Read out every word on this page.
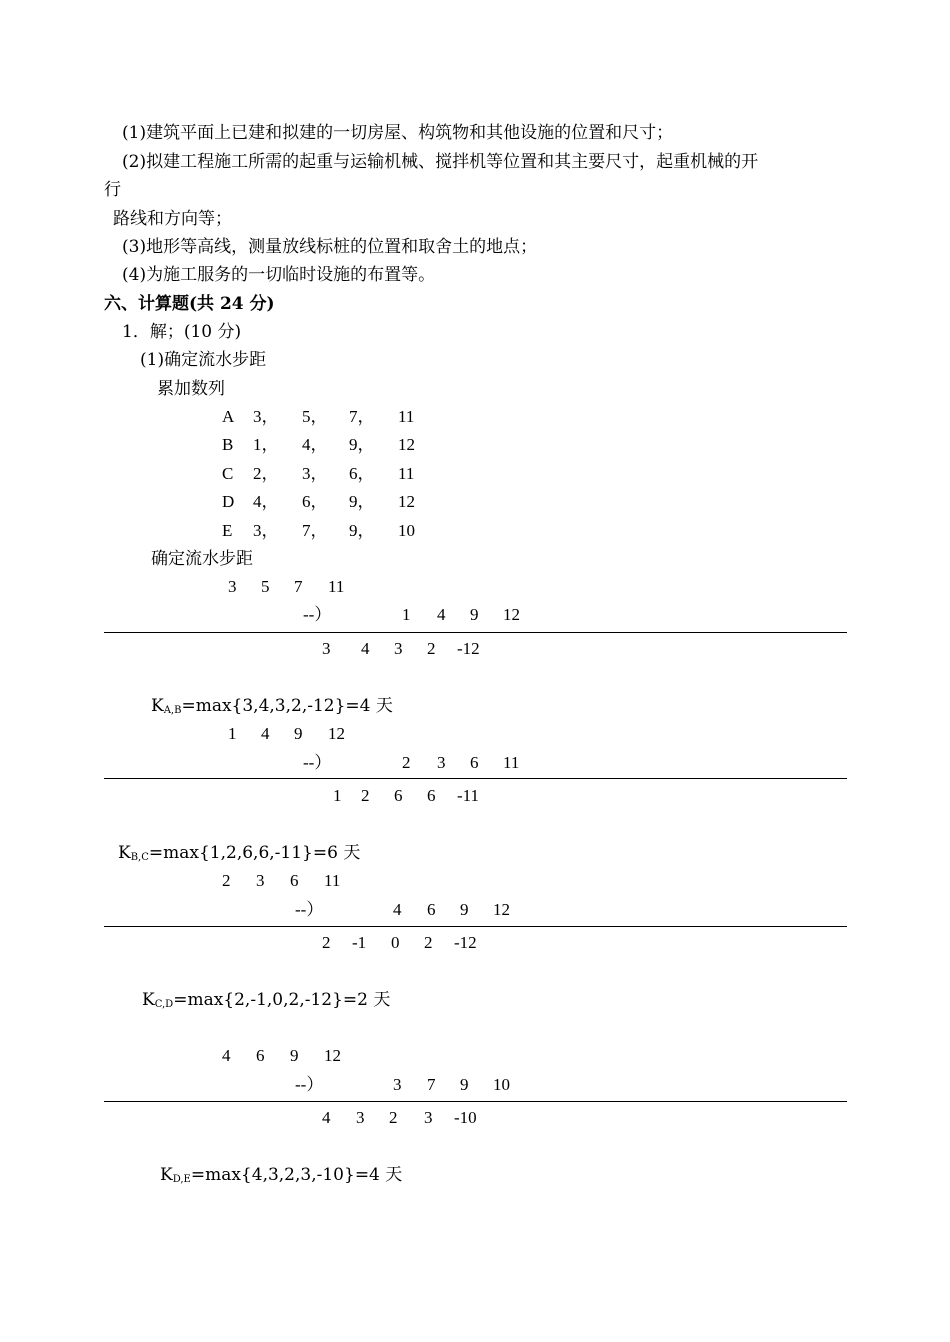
(1)建筑平面上已建和拟建的一切房屋、构筑物和其他设施的位置和尺寸；
(2)拟建工程施工所需的起重与运输机械、搅拌机等位置和其主要尺寸，起重机械的开
行
路线和方向等；
(3)地形等高线，测量放线标桩的位置和取舍土的地点；
(4)为施工服务的一切临时设施的布置等。
六、计算题(共 24 分)
1．解；(10 分)
(1)确定流水步距
累加数列
A 3， 5， 7， 11
B 1， 4， 9， 12
C 2， 3， 6， 11
D 4， 6， 9， 12
E 3， 7， 9， 10
确定流水步距
3 5 7 11
--）	1 4 9 12
3 4 3 2 -12
$K_{A,B}=\max\{3,4,3,2,-12\}=4$ 天
1 4 9 12
--）	2 3 6 11
1 2 6 6 -11
$K_{B,C}=\max\{1,2,6,6,-11\}=6$ 天
2 3 6 11
--）	4 6 9 12
2 -1 0 2 -12
$K_{C,D}=\max\{2,-1,0,2,-12\}=2$ 天
4 6 9 12
--）	3 7 9 10
4 3 2 3 -10
$K_{D,E}=\max\{4,3,2,3,-10\}=4$ 天
